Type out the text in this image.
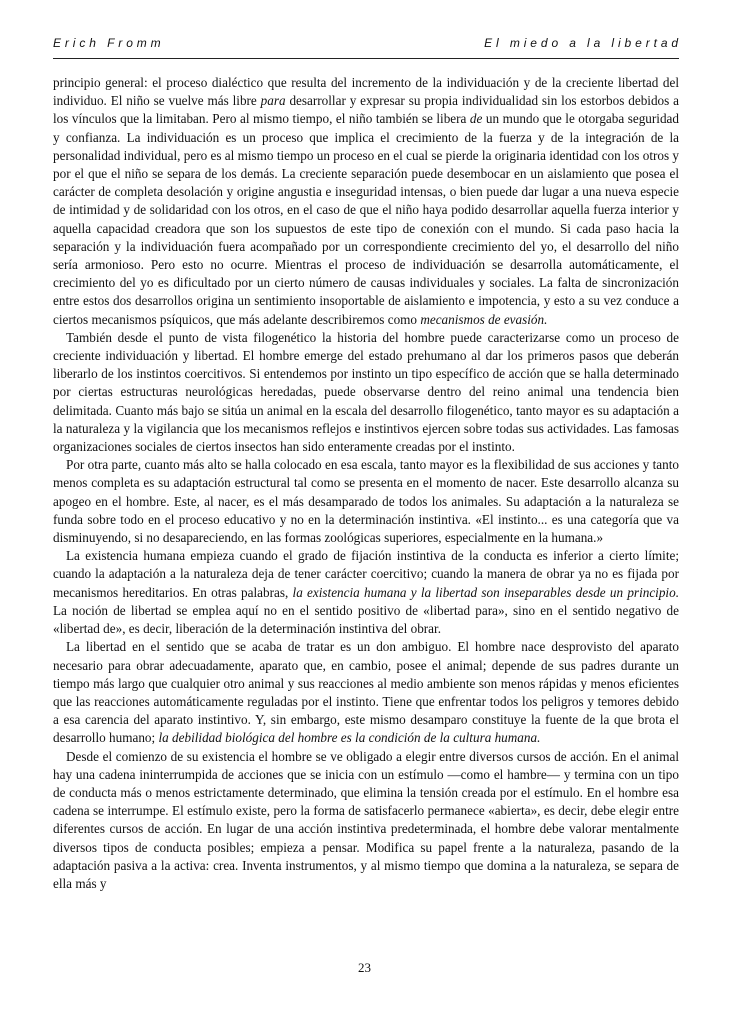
Erich Fromm	El miedo a la libertad

principio general: el proceso dialéctico que resulta del incremento de la individuación y de la creciente libertad del individuo. El niño se vuelve más libre para desarrollar y expresar su propia individualidad sin los estorbos debidos a los vínculos que la limitaban. Pero al mismo tiempo, el niño también se libera de un mundo que le otorgaba seguridad y confianza. La individuación es un proceso que implica el crecimiento de la fuerza y de la integración de la personalidad individual, pero es al mismo tiempo un proceso en el cual se pierde la originaria identidad con los otros y por el que el niño se separa de los demás. La creciente separación puede desembocar en un aislamiento que posea el carácter de completa desolación y origine angustia e inseguridad intensas, o bien puede dar lugar a una nueva especie de intimidad y de solidaridad con los otros, en el caso de que el niño haya podido desarrollar aquella fuerza interior y aquella capacidad creadora que son los supuestos de este tipo de conexión con el mundo. Si cada paso hacia la separación y la individuación fuera acompañado por un correspondiente crecimiento del yo, el desarrollo del niño sería armonioso. Pero esto no ocurre. Mientras el proceso de individuación se desarrolla automáticamente, el crecimiento del yo es dificultado por un cierto número de causas individuales y sociales. La falta de sincronización entre estos dos desarrollos origina un sentimiento insoportable de aislamiento e impotencia, y esto a su vez conduce a ciertos mecanismos psíquicos, que más adelante describiremos como mecanismos de evasión.

También desde el punto de vista filogenético la historia del hombre puede caracterizarse como un proceso de creciente individuación y libertad. El hombre emerge del estado prehumano al dar los primeros pasos que deberán liberarlo de los instintos coercitivos. Si entendemos por instinto un tipo específico de acción que se halla determinado por ciertas estructuras neurológicas heredadas, puede observarse dentro del reino animal una tendencia bien delimitada. Cuanto más bajo se sitúa un animal en la escala del desarrollo filogenético, tanto mayor es su adaptación a la naturaleza y la vigilancia que los mecanismos reflejos e instintivos ejercen sobre todas sus actividades. Las famosas organizaciones sociales de ciertos insectos han sido enteramente creadas por el instinto.

Por otra parte, cuanto más alto se halla colocado en esa escala, tanto mayor es la flexibilidad de sus acciones y tanto menos completa es su adaptación estructural tal como se presenta en el momento de nacer. Este desarrollo alcanza su apogeo en el hombre. Este, al nacer, es el más desamparado de todos los animales. Su adaptación a la naturaleza se funda sobre todo en el proceso educativo y no en la determinación instintiva. «El instinto... es una categoría que va disminuyendo, si no desapareciendo, en las formas zoológicas superiores, especialmente en la humana.»

La existencia humana empieza cuando el grado de fijación instintiva de la conducta es inferior a cierto límite; cuando la adaptación a la naturaleza deja de tener carácter coercitivo; cuando la manera de obrar ya no es fijada por mecanismos hereditarios. En otras palabras, la existencia humana y la libertad son inseparables desde un principio. La noción de libertad se emplea aquí no en el sentido positivo de «libertad para», sino en el sentido negativo de «libertad de», es decir, liberación de la determinación instintiva del obrar.

La libertad en el sentido que se acaba de tratar es un don ambiguo. El hombre nace desprovisto del aparato necesario para obrar adecuadamente, aparato que, en cambio, posee el animal; depende de sus padres durante un tiempo más largo que cualquier otro animal y sus reacciones al medio ambiente son menos rápidas y menos eficientes que las reacciones automáticamente reguladas por el instinto. Tiene que enfrentar todos los peligros y temores debido a esa carencia del aparato instintivo. Y, sin embargo, este mismo desamparo constituye la fuente de la que brota el desarrollo humano; la debilidad biológica del hombre es la condición de la cultura humana.

Desde el comienzo de su existencia el hombre se ve obligado a elegir entre diversos cursos de acción. En el animal hay una cadena ininterrumpida de acciones que se inicia con un estímulo —como el hambre— y termina con un tipo de conducta más o menos estrictamente determinado, que elimina la tensión creada por el estímulo. En el hombre esa cadena se interrumpe. El estímulo existe, pero la forma de satisfacerlo permanece «abierta», es decir, debe elegir entre diferentes cursos de acción. En lugar de una acción instintiva predeterminada, el hombre debe valorar mentalmente diversos tipos de conducta posibles; empieza a pensar. Modifica su papel frente a la naturaleza, pasando de la adaptación pasiva a la activa: crea. Inventa instrumentos, y al mismo tiempo que domina a la naturaleza, se separa de ella más y

23
